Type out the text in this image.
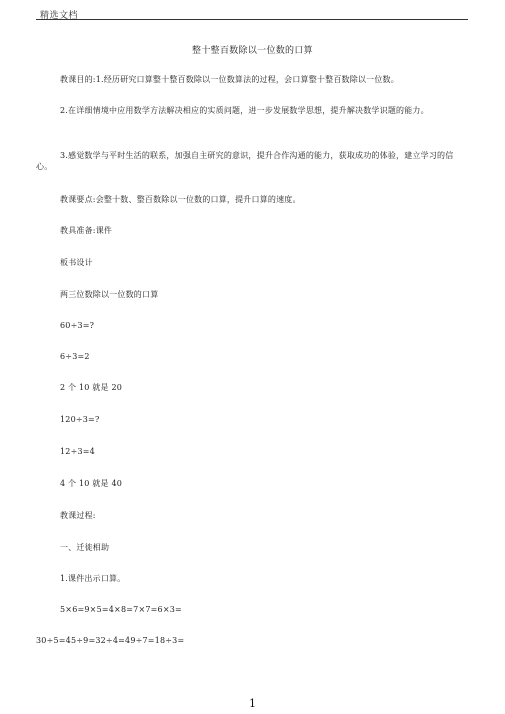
精选文档
整十整百数除以一位数的口算

教课目的:1.经历研究口算整十整百数除以一位数算法的过程，会口算整十整百数除以一位数。

2.在详细情境中应用数学方法解决相应的实质问题，进一步发展数学思想，提升解决数学识题的能力。

3.感觉数学与平时生活的联系，加强自主研究的意识，提升合作沟通的能力，获取成功的体验，建立学习的信心。

教课要点:会整十数、整百数除以一位数的口算，提升口算的速度。

教具准备:课件

板书设计

两三位数除以一位数的口算

60÷3=?

6÷3=2

2 个 10 就是 20

120÷3=?

12÷3=4

4 个 10 就是 40

教课过程:

一、迁徙相助

1.课件出示口算。

5×6=9×5=4×8=7×7=6×3=

30÷5=45÷9=32÷4=49÷7=18÷3=

1
